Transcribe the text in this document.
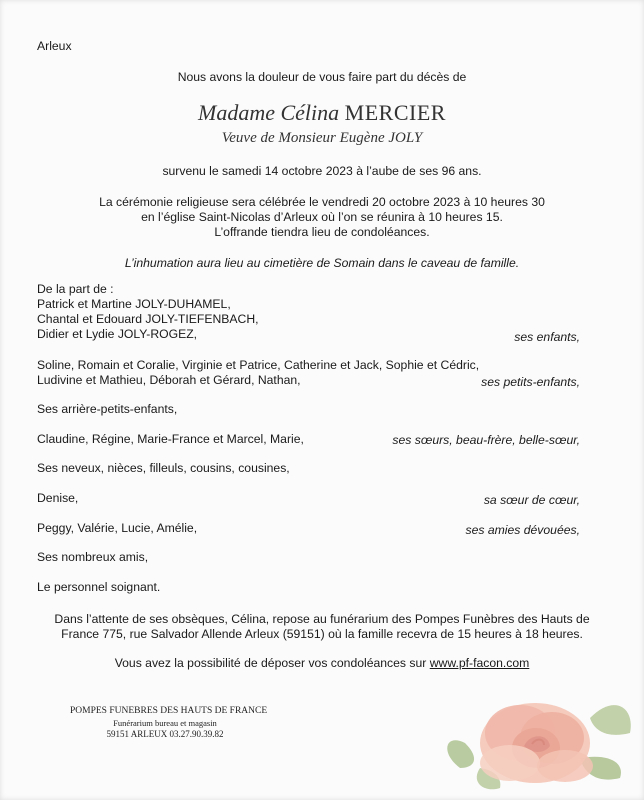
Arleux
Nous avons la douleur de vous faire part du décès de
Madame Célina MERCIER
Veuve de Monsieur Eugène JOLY
survenu le samedi 14 octobre 2023 à l’aube de ses 96 ans.
La cérémonie religieuse sera célébrée le vendredi 20 octobre 2023 à 10 heures 30
en l’église Saint-Nicolas d’Arleux où l’on se réunira à 10 heures 15.
L’offrande tiendra lieu de condoléances.
L’inhumation aura lieu au cimetière de Somain dans le caveau de famille.
De la part de :
Patrick et Martine JOLY-DUHAMEL,
Chantal et Edouard JOLY-TIEFENBACH,
Didier et Lydie JOLY-ROGEZ,	ses enfants,
Soline, Romain et Coralie, Virginie et Patrice, Catherine et Jack, Sophie et Cédric,
Ludivine et Mathieu, Déborah et Gérard, Nathan,	ses petits-enfants,
Ses arrière-petits-enfants,
Claudine, Régine, Marie-France et Marcel, Marie,	ses sœurs, beau-frère, belle-sœur,
Ses neveux, nièces, filleuls, cousins, cousines,
Denise,	sa sœur de cœur,
Peggy, Valérie, Lucie, Amélie,	ses amies dévouées,
Ses nombreux amis,
Le personnel soignant.
Dans l’attente de ses obsèques, Célina, repose au funérarium des Pompes Funèbres des Hauts de
France 775, rue Salvador Allende Arleux (59151) où la famille recevra de 15 heures à 18 heures.
Vous avez la possibilité de déposer vos condoléances sur www.pf-facon.com
POMPES FUNEBRES DES HAUTS DE FRANCE
Funérarium bureau et magasin
59151 ARLEUX 03.27.90.39.82
